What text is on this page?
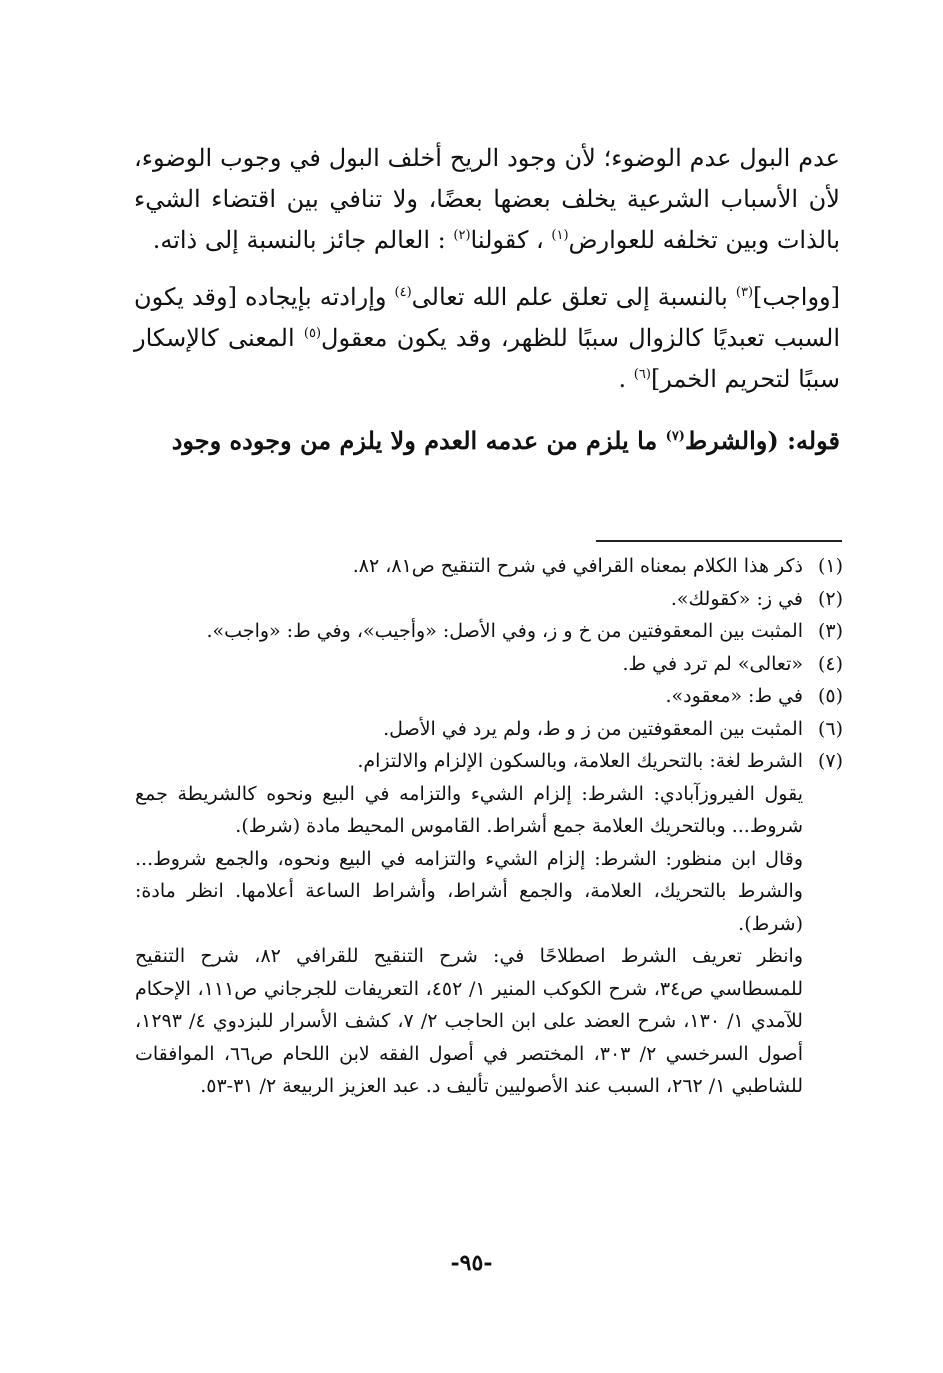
عدم البول عدم الوضوء؛ لأن وجود الريح أخلف البول في وجوب الوضوء، لأن الأسباب الشرعية يخلف بعضها بعضًا، ولا تنافي بين اقتضاء الشيء بالذات وبين تخلفه للعوارض$^{(١)}$ ، كقولنا$^{(٢)}$ : العالم جائز بالنسبة إلى ذاته.

[وواجب]$^{(٣)}$ بالنسبة إلى تعلق علم الله تعالى$^{(٤)}$ وإرادته بإيجاده [وقد يكون السبب تعبديًا كالزوال سببًا للظهر، وقد يكون معقول$^{(٥)}$ المعنى كالإسكار سببًا لتحريم الخمر]$^{(٦)}$ .

قوله: (والشرط$^{(٧)}$ ما يلزم من عدمه العدم ولا يلزم من وجوده وجود

(١)
ذكر هذا الكلام بمعناه القرافي في شرح التنقيح ص٨١، ٨٢.
(٢)
في ز: «كقولك».
(٣)
المثبت بين المعقوفتين من خ و ز، وفي الأصل: «وأجيب»، وفي ط: «واجب».
(٤)
«تعالى» لم ترد في ط.
(٥)
في ط: «معقود».
(٦)
المثبت بين المعقوفتين من ز و ط، ولم يرد في الأصل.
(٧)
الشرط لغة: بالتحريك العلامة، وبالسكون الإلزام والالتزام.
يقول الفيروزآبادي: الشرط: إلزام الشيء والتزامه في البيع ونحوه كالشريطة جمع شروط... وبالتحريك العلامة جمع أشراط. القاموس المحيط مادة (شرط).
وقال ابن منظور: الشرط: إلزام الشيء والتزامه في البيع ونحوه، والجمع شروط... والشرط بالتحريك، العلامة، والجمع أشراط، وأشراط الساعة أعلامها. انظر مادة: (شرط).
وانظر تعريف الشرط اصطلاحًا في: شرح التنقيح للقرافي ٨٢، شرح التنقيح للمسطاسي ص٣٤، شرح الكوكب المنير ١/ ٤٥٢، التعريفات للجرجاني ص١١١، الإحكام للآمدي ١/ ١٣٠، شرح العضد على ابن الحاجب ٢/ ٧، كشف الأسرار للبزدوي ٤/ ١٢٩٣، أصول السرخسي ٢/ ٣٠٣، المختصر في أصول الفقه لابن اللحام ص٦٦، الموافقات للشاطبي ١/ ٢٦٢، السبب عند الأصوليين تأليف د. عبد العزيز الربيعة ٢/ ٣١-٥٣.
-٩٥-
